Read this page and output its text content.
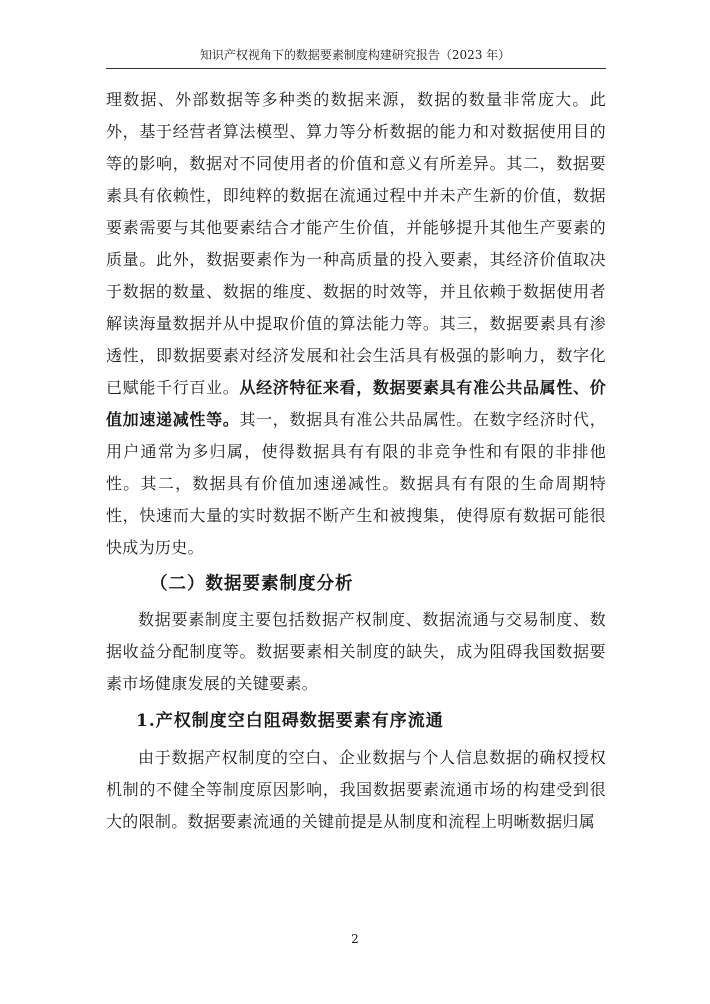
知识产权视角下的数据要素制度构建研究报告（2023 年）

理数据、外部数据等多种类的数据来源，数据的数量非常庞大。此外，基于经营者算法模型、算力等分析数据的能力和对数据使用目的等的影响，数据对不同使用者的价值和意义有所差异。其二，数据要素具有依赖性，即纯粹的数据在流通过程中并未产生新的价值，数据要素需要与其他要素结合才能产生价值，并能够提升其他生产要素的质量。此外，数据要素作为一种高质量的投入要素，其经济价值取决于数据的数量、数据的维度、数据的时效等，并且依赖于数据使用者解读海量数据并从中提取价值的算法能力等。其三，数据要素具有渗透性，即数据要素对经济发展和社会生活具有极强的影响力，数字化已赋能千行百业。从经济特征来看，数据要素具有准公共品属性、价值加速递减性等。其一，数据具有准公共品属性。在数字经济时代，用户通常为多归属，使得数据具有有限的非竞争性和有限的非排他性。其二，数据具有价值加速递减性。数据具有有限的生命周期特性，快速而大量的实时数据不断产生和被搜集，使得原有数据可能很快成为历史。

（二）数据要素制度分析

数据要素制度主要包括数据产权制度、数据流通与交易制度、数据收益分配制度等。数据要素相关制度的缺失，成为阻碍我国数据要素市场健康发展的关键要素。

1.产权制度空白阻碍数据要素有序流通

由于数据产权制度的空白、企业数据与个人信息数据的确权授权机制的不健全等制度原因影响，我国数据要素流通市场的构建受到很大的限制。数据要素流通的关键前提是从制度和流程上明晰数据归属

2
